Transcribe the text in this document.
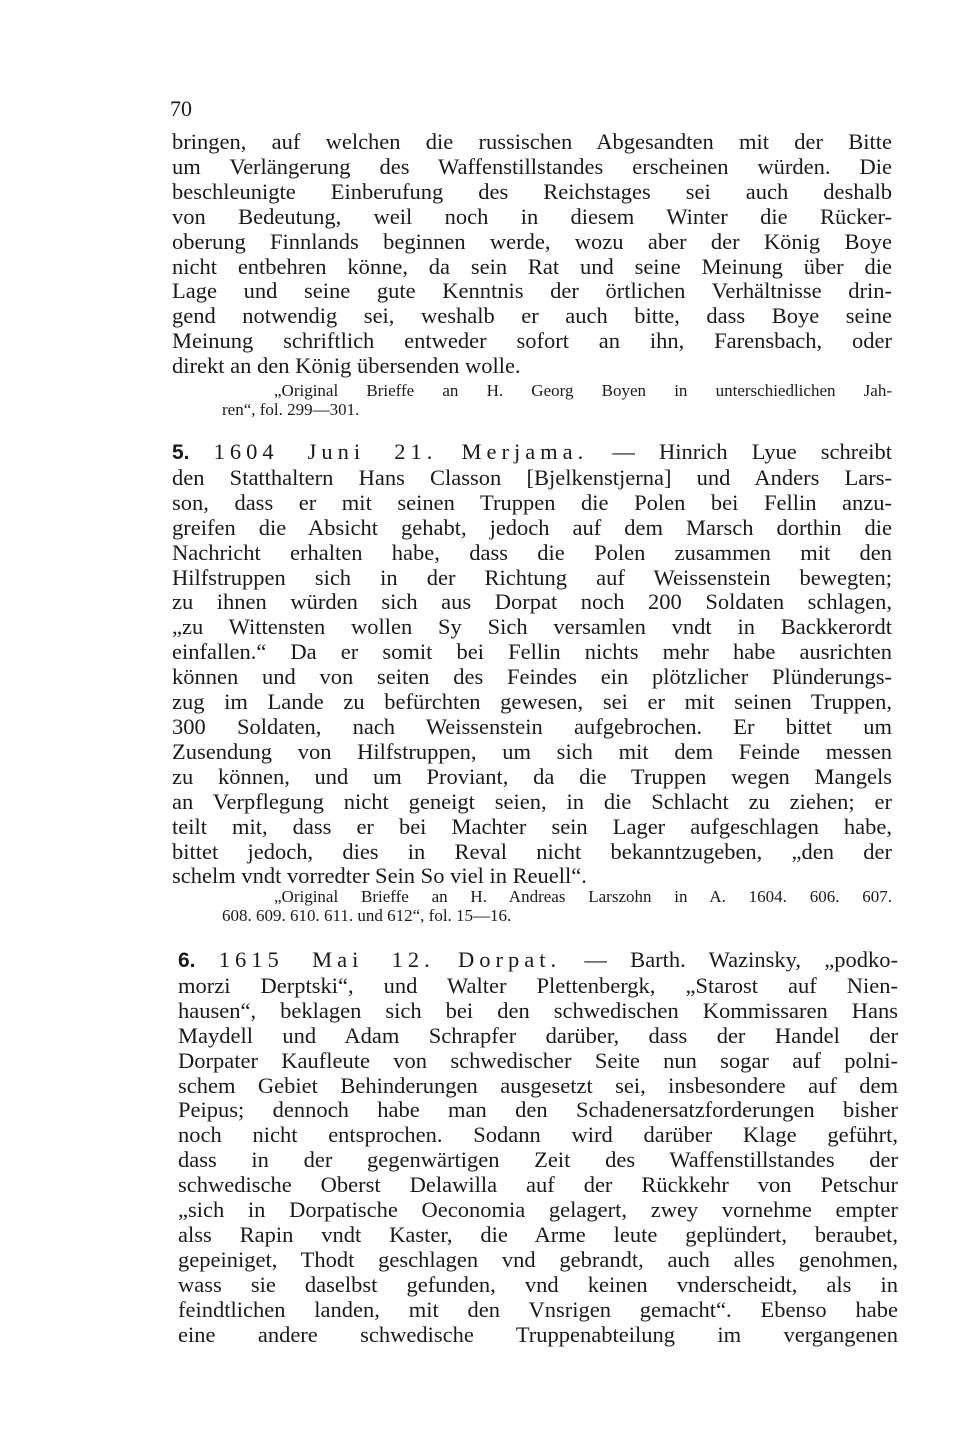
70
bringen, auf welchen die russischen Abgesandten mit der Bitte
um Verlängerung des Waffenstillstandes erscheinen würden. Die
beschleunigte Einberufung des Reichstages sei auch deshalb
von Bedeutung, weil noch in diesem Winter die Rücker-
oberung Finnlands beginnen werde, wozu aber der König Boye
nicht entbehren könne, da sein Rat und seine Meinung über die
Lage und seine gute Kenntnis der örtlichen Verhältnisse drin-
gend notwendig sei, weshalb er auch bitte, dass Boye seine
Meinung schriftlich entweder sofort an ihn, Farensbach, oder
direkt an den König übersenden wolle.
„Original Brieffe an H. Georg Boyen in unterschiedlichen Jah-
ren“, fol. 299—301.
5. 1604 Juni 21. Merjama. — Hinrich Lyue schreibt
den Statthaltern Hans Classon [Bjelkenstjerna] und Anders Lars-
son, dass er mit seinen Truppen die Polen bei Fellin anzu-
greifen die Absicht gehabt, jedoch auf dem Marsch dorthin die
Nachricht erhalten habe, dass die Polen zusammen mit den
Hilfstruppen sich in der Richtung auf Weissenstein bewegten;
zu ihnen würden sich aus Dorpat noch 200 Soldaten schlagen,
„zu Wittensten wollen Sy Sich versamlen vndt in Backkerordt
einfallen.“ Da er somit bei Fellin nichts mehr habe ausrichten
können und von seiten des Feindes ein plötzlicher Plünderungs-
zug im Lande zu befürchten gewesen, sei er mit seinen Truppen,
300 Soldaten, nach Weissenstein aufgebrochen. Er bittet um
Zusendung von Hilfstruppen, um sich mit dem Feinde messen
zu können, und um Proviant, da die Truppen wegen Mangels
an Verpflegung nicht geneigt seien, in die Schlacht zu ziehen; er
teilt mit, dass er bei Machter sein Lager aufgeschlagen habe,
bittet jedoch, dies in Reval nicht bekanntzugeben, „den der
schelm vndt vorredter Sein So viel in Reuell“.
„Original Brieffe an H. Andreas Larszohn in A. 1604. 606. 607.
608. 609. 610. 611. und 612“, fol. 15—16.
6. 1615 Mai 12. Dorpat. — Barth. Wazinsky, „podko-
morzi Derptski“, und Walter Plettenbergk, „Starost auf Nien-
hausen“, beklagen sich bei den schwedischen Kommissaren Hans
Maydell und Adam Schrapfer darüber, dass der Handel der
Dorpater Kaufleute von schwedischer Seite nun sogar auf polni-
schem Gebiet Behinderungen ausgesetzt sei, insbesondere auf dem
Peipus; dennoch habe man den Schadenersatzforderungen bisher
noch nicht entsprochen. Sodann wird darüber Klage geführt,
dass in der gegenwärtigen Zeit des Waffenstillstandes der
schwedische Oberst Delawilla auf der Rückkehr von Petschur
„sich in Dorpatische Oeconomia gelagert, zwey vornehme empter
alss Rapin vndt Kaster, die Arme leute geplündert, beraubet,
gepeiniget, Thodt geschlagen vnd gebrandt, auch alles genohmen,
wass sie daselbst gefunden, vnd keinen vnderscheidt, als in
feindtlichen landen, mit den Vnsrigen gemacht“. Ebenso habe
eine andere schwedische Truppenabteilung im vergangenen
